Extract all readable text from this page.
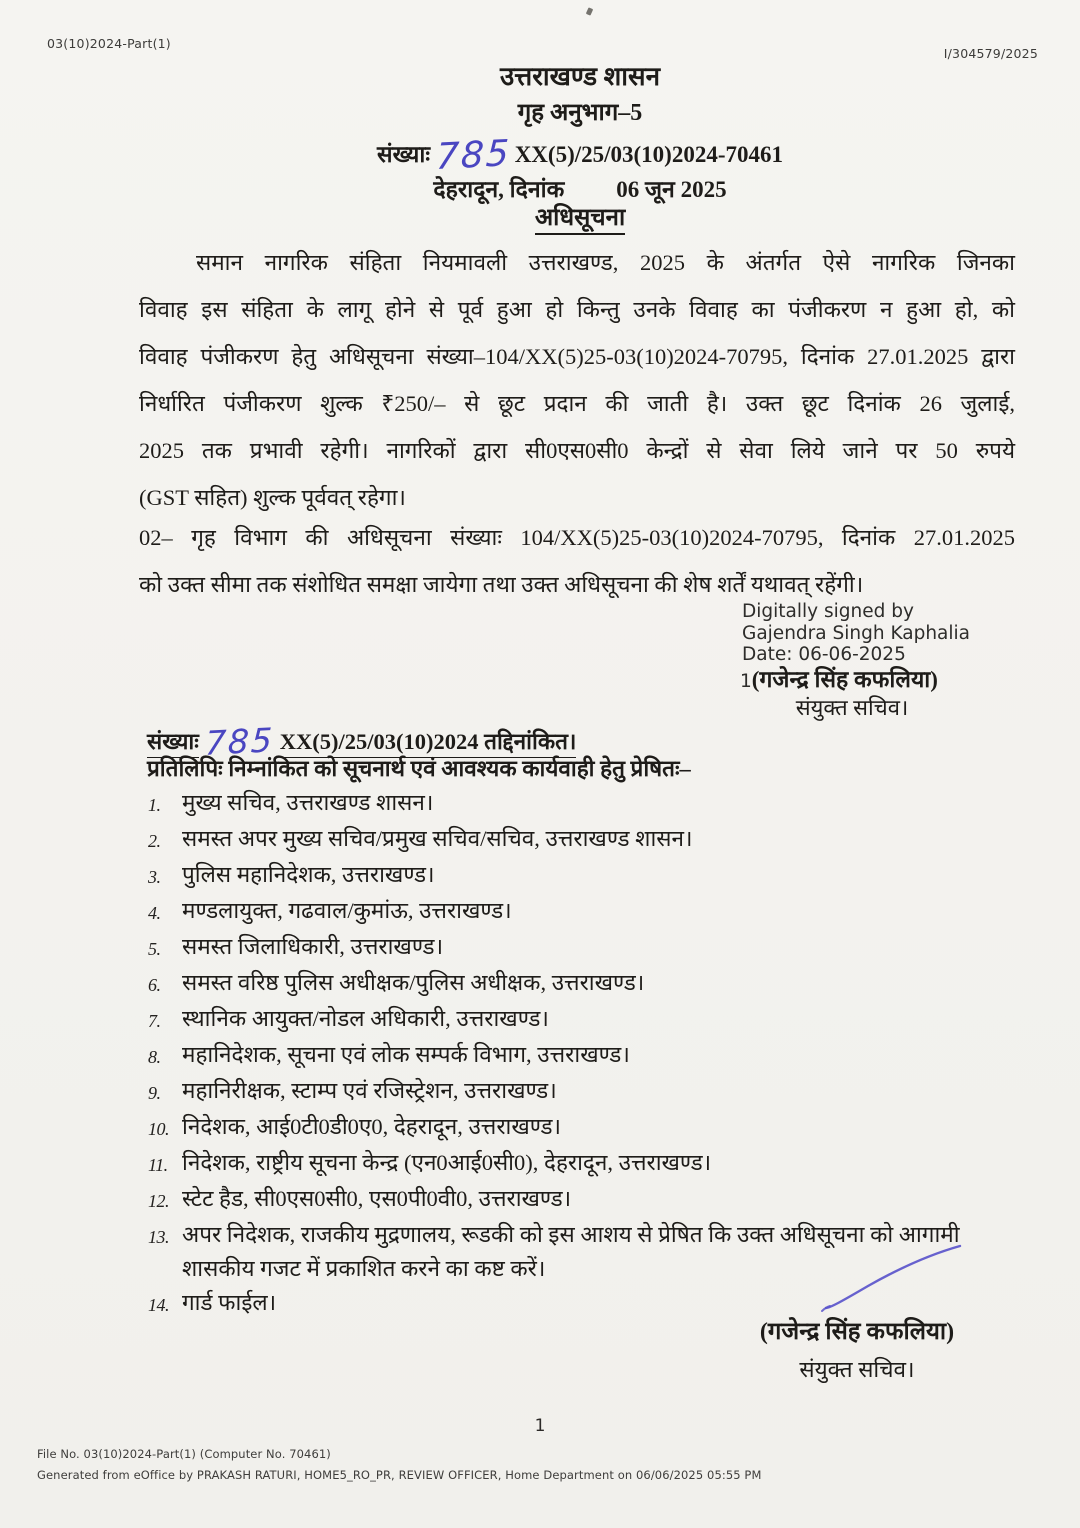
03(10)2024-Part(1)
I/304579/2025
उत्तराखण्ड शासन
गृह अनुभाग–5
संख्याः 785 XX(5)/25/03(10)2024-70461
देहरादून, दिनांक 06 जून 2025
अधिसूचना
समान नागरिक संहिता नियमावली उत्तराखण्ड, 2025 के अंतर्गत ऐसे नागरिक जिनका
विवाह इस संहिता के लागू होने से पूर्व हुआ हो किन्तु उनके विवाह का पंजीकरण न हुआ हो, को
विवाह पंजीकरण हेतु अधिसूचना संख्या–104/XX(5)25-03(10)2024-70795, दिनांक 27.01.2025 द्वारा
निर्धारित पंजीकरण शुल्क ₹250/– से छूट प्रदान की जाती है। उक्त छूट दिनांक 26 जुलाई,
2025 तक प्रभावी रहेगी। नागरिकों द्वारा सी0एस0सी0 केन्द्रों से सेवा लिये जाने पर 50 रुपये
(GST सहित) शुल्क पूर्ववत् रहेगा।
02– गृह विभाग की अधिसूचना संख्याः 104/XX(5)25-03(10)2024-70795, दिनांक 27.01.2025
को उक्त सीमा तक संशोधित समक्षा जायेगा तथा उक्त अधिसूचना की शेष शर्तें यथावत् रहेंगी।
Digitally signed by
Gajendra Singh Kaphalia
Date: 06-06-2025
1(गजेन्द्र सिंह कफलिया)
संयुक्त सचिव।
संख्याः 785 XX(5)/25/03(10)2024 तद्दिनांकित।
प्रतिलिपिः निम्नांकित को सूचनार्थ एवं आवश्यक कार्यवाही हेतु प्रेषितः–
1. मुख्य सचिव, उत्तराखण्ड शासन।
2. समस्त अपर मुख्य सचिव/प्रमुख सचिव/सचिव, उत्तराखण्ड शासन।
3. पुलिस महानिदेशक, उत्तराखण्ड।
4. मण्डलायुक्त, गढवाल/कुमांऊ, उत्तराखण्ड।
5. समस्त जिलाधिकारी, उत्तराखण्ड।
6. समस्त वरिष्ठ पुलिस अधीक्षक/पुलिस अधीक्षक, उत्तराखण्ड।
7. स्थानिक आयुक्त/नोडल अधिकारी, उत्तराखण्ड।
8. महानिदेशक, सूचना एवं लोक सम्पर्क विभाग, उत्तराखण्ड।
9. महानिरीक्षक, स्टाम्प एवं रजिस्ट्रेशन, उत्तराखण्ड।
10. निदेशक, आई0टी0डी0ए0, देहरादून, उत्तराखण्ड।
11. निदेशक, राष्ट्रीय सूचना केन्द्र (एन0आई0सी0), देहरादून, उत्तराखण्ड।
12. स्टेट हैड, सी0एस0सी0, एस0पी0वी0, उत्तराखण्ड।
13. अपर निदेशक, राजकीय मुद्रणालय, रूडकी को इस आशय से प्रेषित कि उक्त अधिसूचना को आगामी शासकीय गजट में प्रकाशित करने का कष्ट करें।
14. गार्ड फाईल।
(गजेन्द्र सिंह कफलिया)
संयुक्त सचिव।
1
File No. 03(10)2024-Part(1) (Computer No. 70461)
Generated from eOffice by PRAKASH RATURI, HOME5_RO_PR, REVIEW OFFICER, Home Department on 06/06/2025 05:55 PM
